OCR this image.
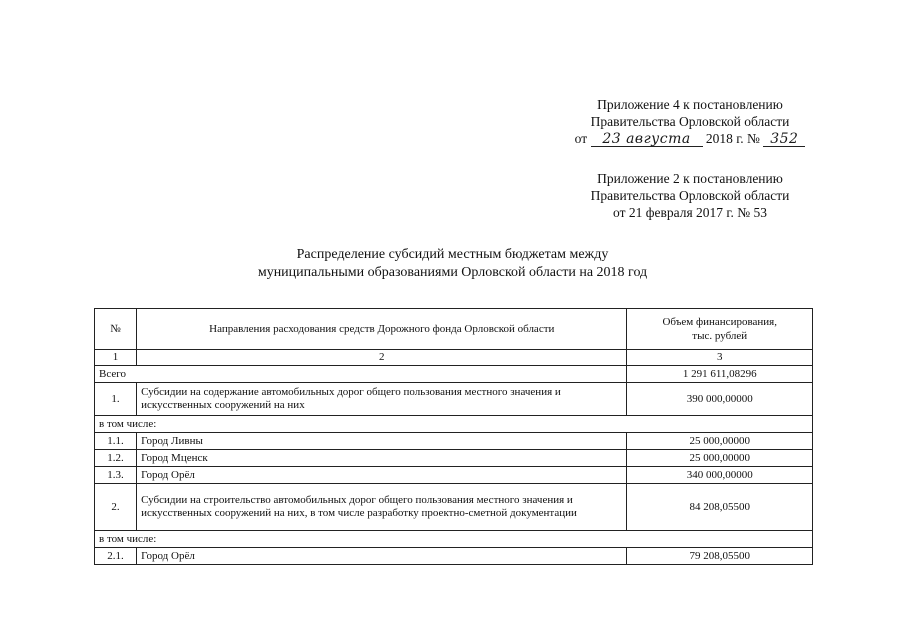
Приложение 4 к постановлению
Правительства Орловской области
от 23 августа 2018 г. № 352
Приложение 2 к постановлению
Правительства Орловской области
от 21 февраля 2017 г. № 53
Распределение субсидий местным бюджетам между
муниципальными образованиями Орловской области на 2018 год
№	Направления расходования средств Дорожного фонда Орловской области	Объем финансирования,
тыс. рублей
1	2	3
Всего		1 291 611,08296
1.	Субсидии на содержание автомобильных дорог общего пользования местного значения и искусственных сооружений на них	390 000,00000
в том числе:		
1.1.	Город Ливны	25 000,00000
1.2.	Город Мценск	25 000,00000
1.3.	Город Орёл	340 000,00000
2.	Субсидии на строительство автомобильных дорог общего пользования местного значения и искусственных сооружений на них, в том числе разработку проектно-сметной документации	84 208,05500
в том числе:		
2.1.	Город Орёл	79 208,05500
